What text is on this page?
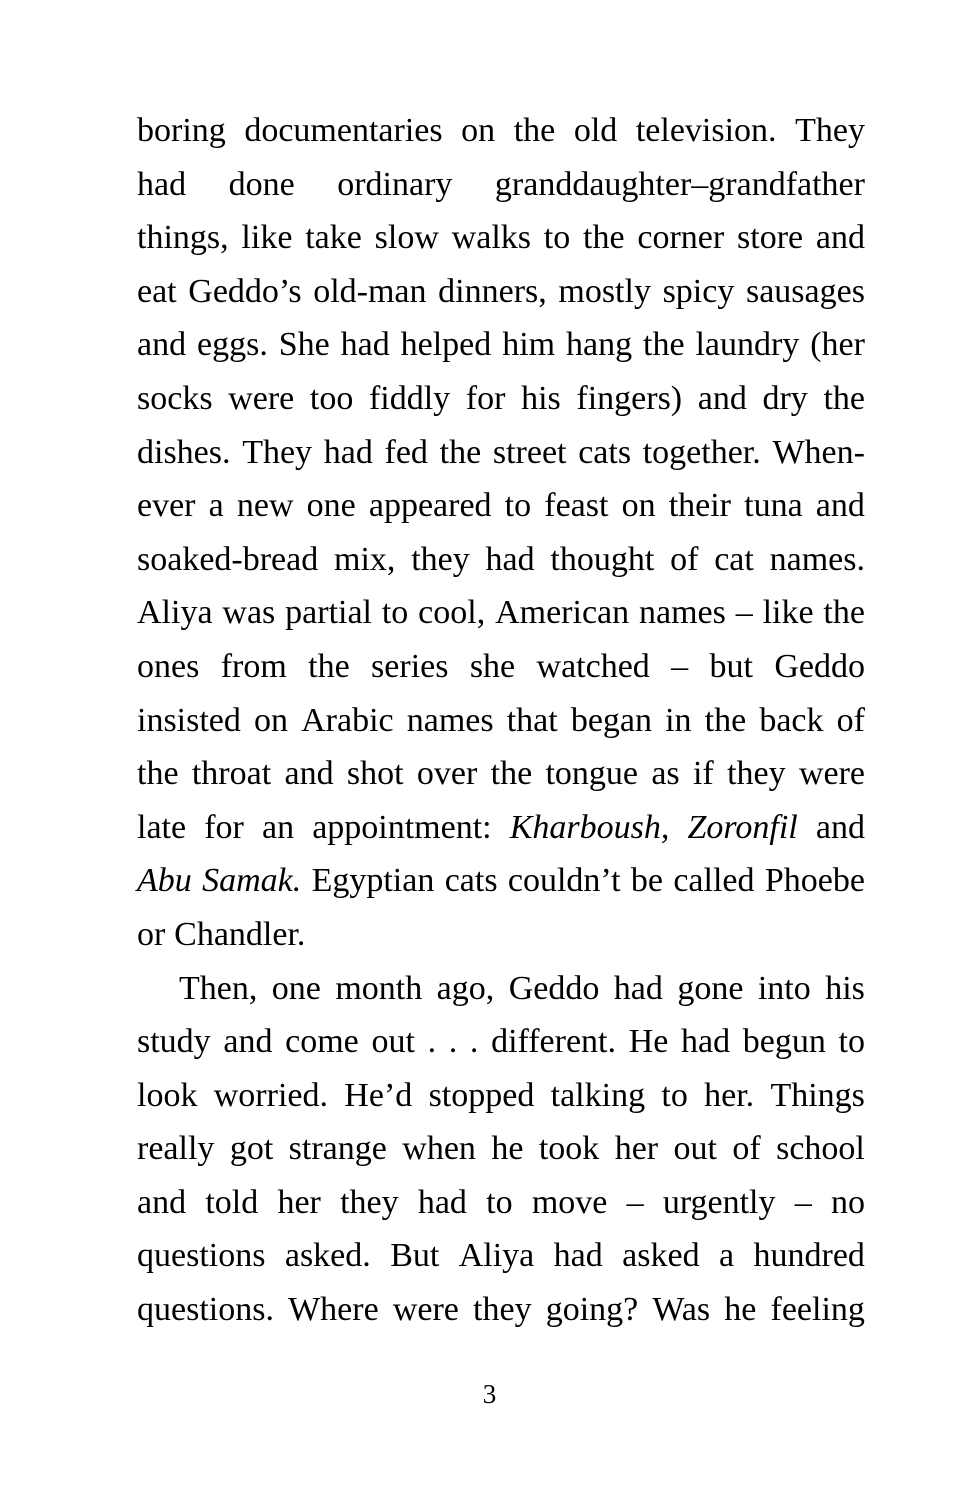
boring documentaries on the old television. They
had done ordinary granddaughter–grandfather
things, like take slow walks to the corner store and
eat Geddo’s old‐man dinners, mostly spicy sausages
and eggs. She had helped him hang the laundry (her
socks were too fiddly for his fingers) and dry the
dishes. They had fed the street cats together. When‐
ever a new one appeared to feast on their tuna and
soaked‐bread mix, they had thought of cat names.
Aliya was partial to cool, American names – like the
ones from the series she watched – but Geddo
insisted on Arabic names that began in the back of
the throat and shot over the tongue as if they were
late for an appointment: Kharboush, Zoronfil and
Abu Samak. Egyptian cats couldn’t be called Phoebe
or Chandler.
Then, one month ago, Geddo had gone into his
study and come out . . . different. He had begun to
look worried. He’d stopped talking to her. Things
really got strange when he took her out of school
and told her they had to move – urgently – no
questions asked. But Aliya had asked a hundred
questions. Where were they going? Was he feeling
3
